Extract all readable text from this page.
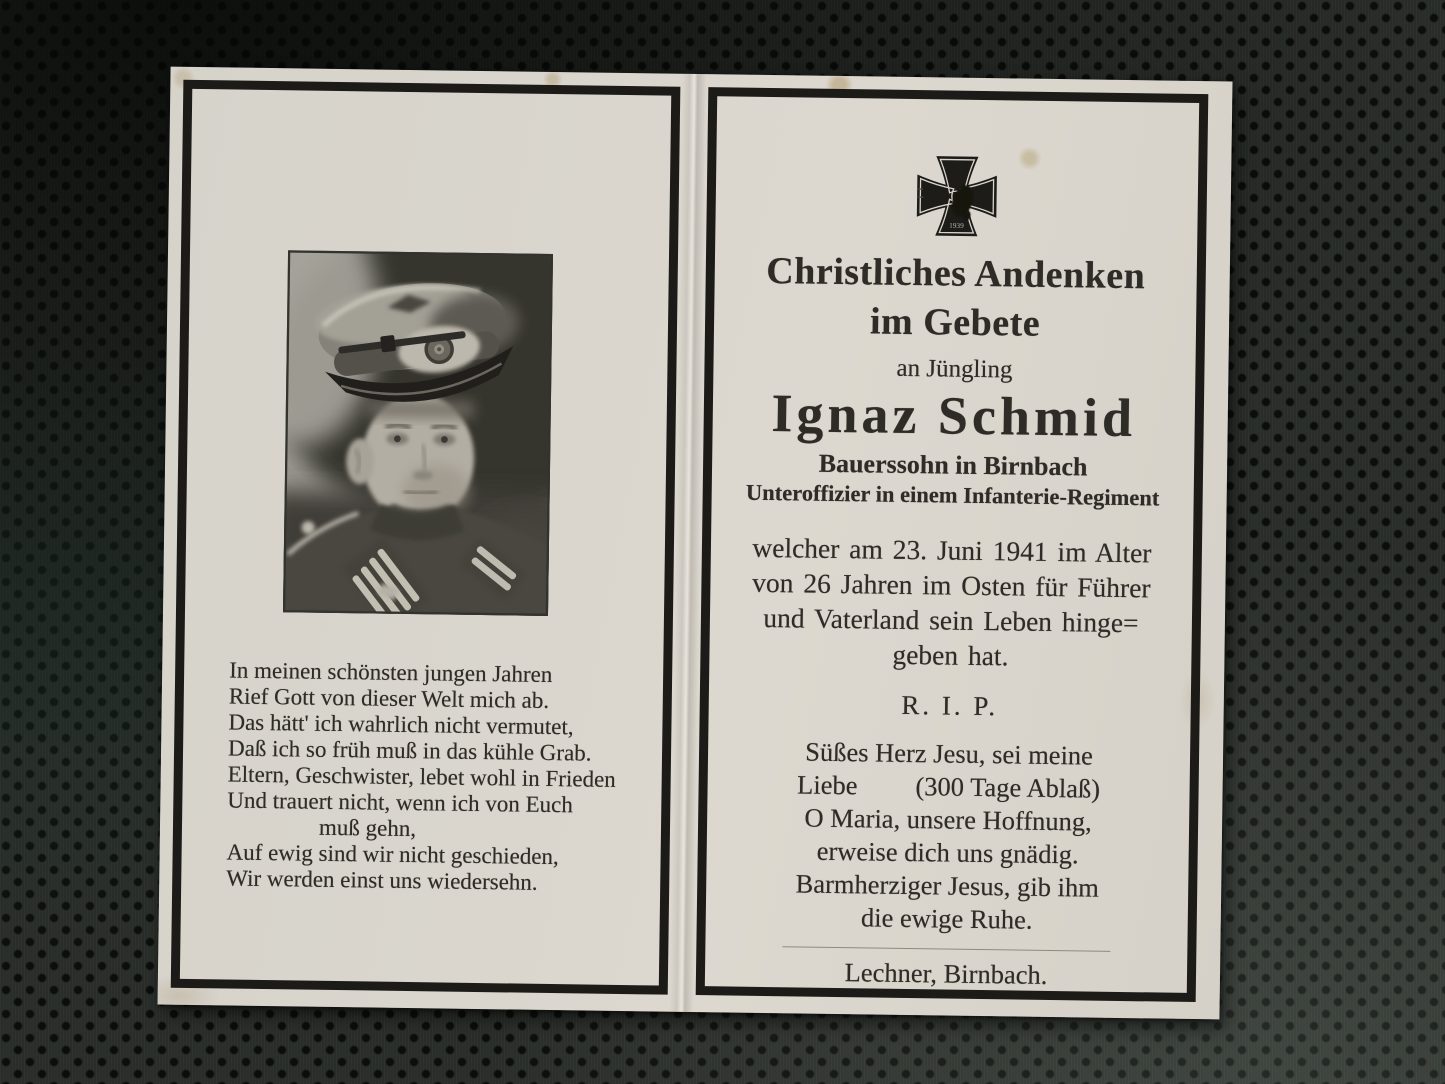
In meinen schönsten jungen Jahren
Rief Gott von dieser Welt mich ab.
Das hätt' ich wahrlich nicht vermutet,
Daß ich so früh muß in das kühle Grab.
Eltern, Geschwister, lebet wohl in Frieden
Und trauert nicht, wenn ich von Euch
muß gehn,
Auf ewig sind wir nicht geschieden,
Wir werden einst uns wiedersehn.
1939
Christliches Andenken
im Gebete
an Jüngling
Ignaz Schmid
Bauerssohn in Birnbach
Unteroffizier in einem Infanterie-Regiment
welcher am 23. Juni 1941 im Alter
von 26 Jahren im Osten für Führer
und Vaterland sein Leben hinge=
geben hat.
R. I. P.
Süßes Herz Jesu, sei meine
Liebe (300 Tage Ablaß)
O Maria, unsere Hoffnung,
erweise dich uns gnädig.
Barmherziger Jesus, gib ihm
die ewige Ruhe.
Lechner, Birnbach.
